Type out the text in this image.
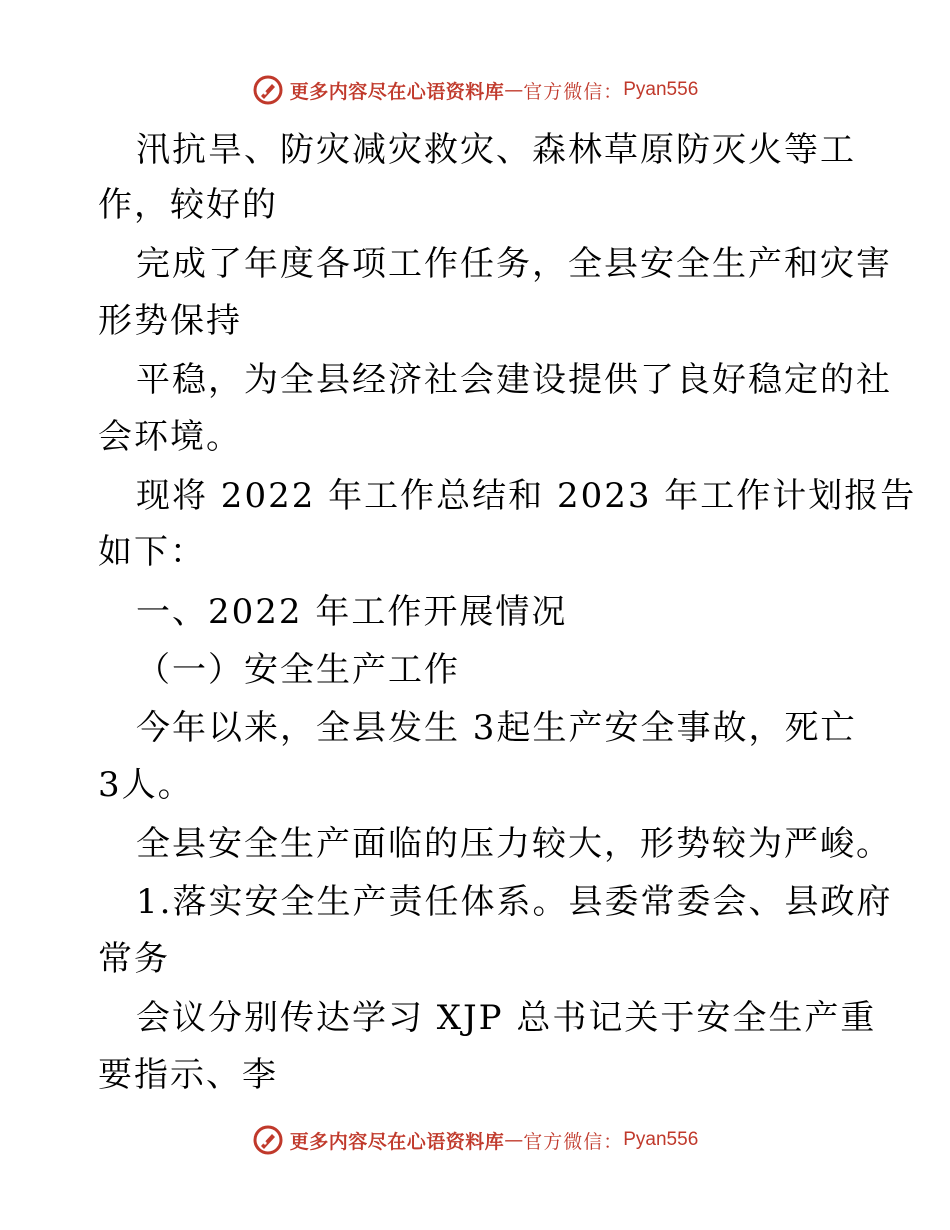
更多内容尽在心语资料库 — 官方微信： Pyan556
汛抗旱、防灾减灾救灾、森林草原防灭火等工
作，较好的
完成了年度各项工作任务，全县安全生产和灾害
形势保持
平稳，为全县经济社会建设提供了良好稳定的社
会环境。
现将 2022 年工作总结和 2023 年工作计划报告
如下：
一、2022 年工作开展情况
（一）安全生产工作
今年以来，全县发生 3起生产安全事故，死亡
3人。
全县安全生产面临的压力较大，形势较为严峻。
1.落实安全生产责任体系。县委常委会、县政府
常务
会议分别传达学习 XJP 总书记关于安全生产重
要指示、李
更多内容尽在心语资料库 — 官方微信： Pyan556
